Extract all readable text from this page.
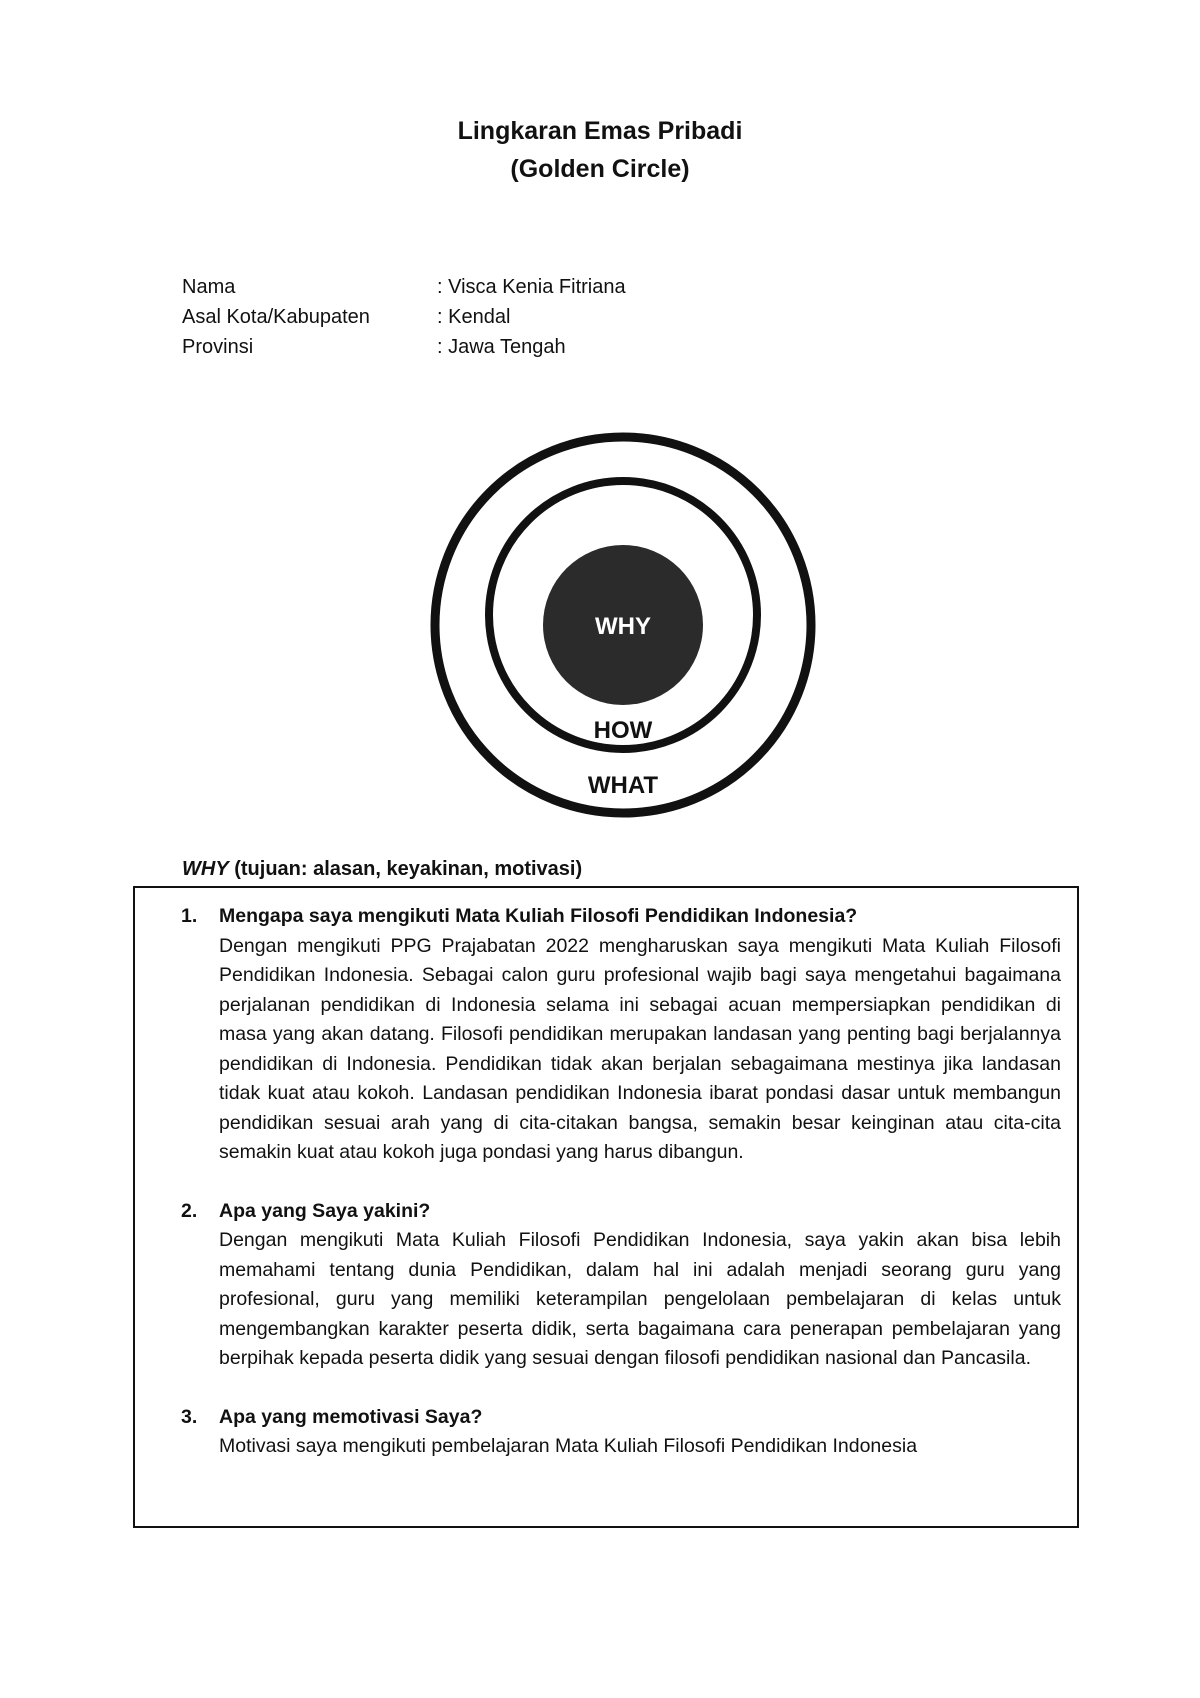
Lingkaran Emas Pribadi
(Golden Circle)
Nama	: Visca Kenia Fitriana
Asal Kota/Kabupaten	: Kendal
Provinsi	: Jawa Tengah
WHY
HOW
WHAT
WHY (tujuan: alasan, keyakinan, motivasi)
1. Mengapa saya mengikuti Mata Kuliah Filosofi Pendidikan Indonesia?
Dengan mengikuti PPG Prajabatan 2022 mengharuskan saya mengikuti Mata Kuliah Filosofi Pendidikan Indonesia. Sebagai calon guru profesional wajib bagi saya mengetahui bagaimana perjalanan pendidikan di Indonesia selama ini sebagai acuan mempersiapkan pendidikan di masa yang akan datang. Filosofi pendidikan merupakan landasan yang penting bagi berjalannya pendidikan di Indonesia. Pendidikan tidak akan berjalan sebagaimana mestinya jika landasan tidak kuat atau kokoh. Landasan pendidikan Indonesia ibarat pondasi dasar untuk membangun pendidikan sesuai arah yang di cita-citakan bangsa, semakin besar keinginan atau cita-cita semakin kuat atau kokoh juga pondasi yang harus dibangun.
2. Apa yang Saya yakini?
Dengan mengikuti Mata Kuliah Filosofi Pendidikan Indonesia, saya yakin akan bisa lebih memahami tentang dunia Pendidikan, dalam hal ini adalah menjadi seorang guru yang profesional, guru yang memiliki keterampilan pengelolaan pembelajaran di kelas untuk mengembangkan karakter peserta didik, serta bagaimana cara penerapan pembelajaran yang berpihak kepada peserta didik yang sesuai dengan filosofi pendidikan nasional dan Pancasila.
3. Apa yang memotivasi Saya?
Motivasi saya mengikuti pembelajaran Mata Kuliah Filosofi Pendidikan Indonesia
